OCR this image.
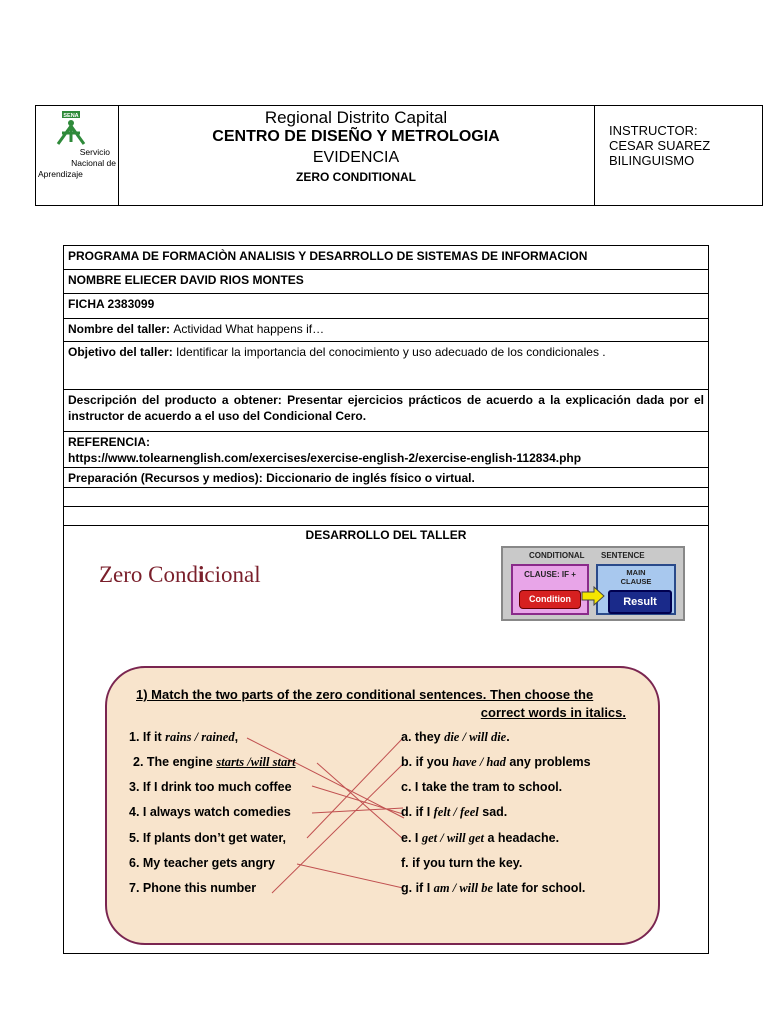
SENA
Servicio
Nacional de
Aprendizaje
Regional Distrito Capital
CENTRO DE DISEÑO Y METROLOGIA
EVIDENCIA
ZERO CONDITIONAL
INSTRUCTOR:
CESAR SUAREZ
BILINGUISMO
PROGRAMA DE FORMACIÒN ANALISIS Y DESARROLLO DE SISTEMAS DE INFORMACION
NOMBRE ELIECER DAVID RIOS MONTES
FICHA 2383099
Nombre del taller: Actividad What happens if…
Objetivo del taller: Identificar la importancia del conocimiento y uso adecuado de los condicionales .
Descripción del producto a obtener: Presentar ejercicios prácticos de acuerdo a la explicación dada por el instructor de acuerdo a el uso del Condicional Cero.
REFERENCIA:
https://www.tolearnenglish.com/exercises/exercise-english-2/exercise-english-112834.php
Preparación (Recursos y medios): Diccionario de inglés físico o virtual.
DESARROLLO DEL TALLER
Zero Condicional
CONDITIONAL SENTENCE
CLAUSE: IF +
Condition
MAIN
CLAUSE
Result
1) Match the two parts of the zero conditional sentences. Then choose the
correct words in italics.
1. If it rains / rained,
2. The engine starts /will start
3. If I drink too much coffee
4. I always watch comedies
5. If plants don’t get water,
6. My teacher gets angry
7. Phone this number
a. they die / will die.
b. if you have / had any problems
c. I take the tram to school.
d. if I felt / feel sad.
e. I get / will get a headache.
f. if you turn the key.
g. if I am / will be late for school.
